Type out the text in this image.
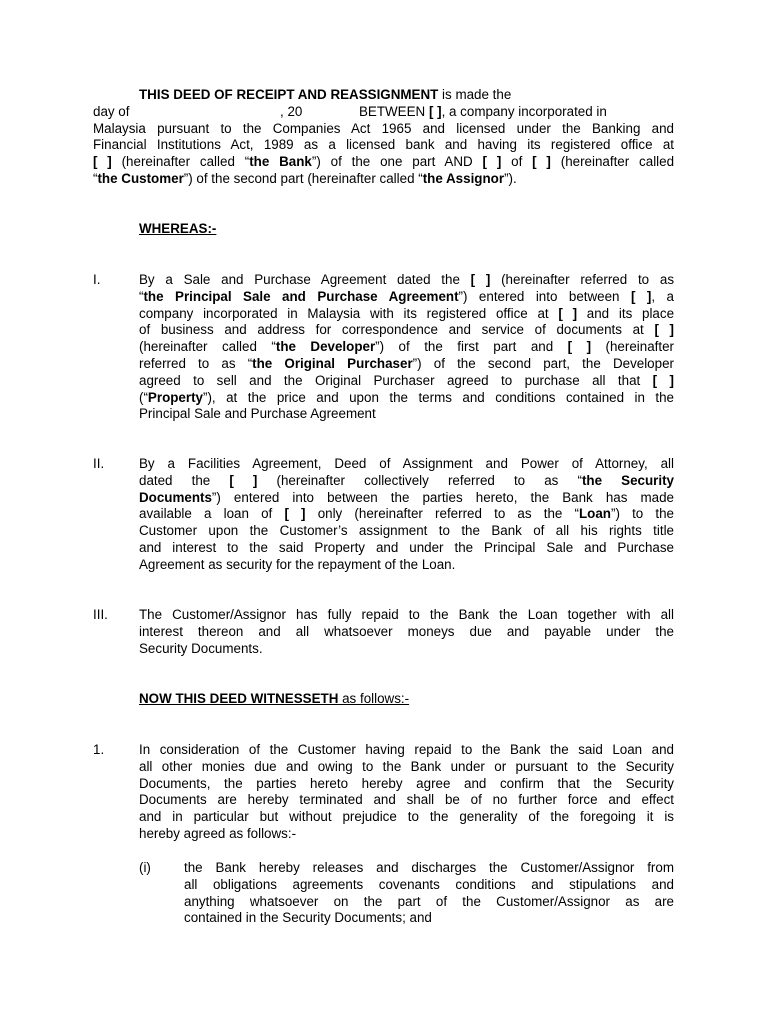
THIS DEED OF RECEIPT AND REASSIGNMENT is made the
day of	, 20	BETWEEN [ ], a company incorporated in
Malaysia pursuant to the Companies Act 1965 and licensed under the Banking and
Financial Institutions Act, 1989 as a licensed bank and having its registered office at
[ ] (hereinafter called “the Bank”) of the one part AND [ ] of [ ] (hereinafter called
“the Customer”) of the second part (hereinafter called “the Assignor”).
WHEREAS:-
I.	By a Sale and Purchase Agreement dated the [ ] (hereinafter referred to as
“the Principal Sale and Purchase Agreement”) entered into between [ ], a
company incorporated in Malaysia with its registered office at [ ] and its place
of business and address for correspondence and service of documents at [ ]
(hereinafter called “the Developer”) of the first part and [ ] (hereinafter
referred to as “the Original Purchaser”) of the second part, the Developer
agreed to sell and the Original Purchaser agreed to purchase all that [ ]
(“Property”), at the price and upon the terms and conditions contained in the
Principal Sale and Purchase Agreement
II.	By a Facilities Agreement, Deed of Assignment and Power of Attorney, all
dated the [ ] (hereinafter collectively referred to as “the Security
Documents”) entered into between the parties hereto, the Bank has made
available a loan of [ ] only (hereinafter referred to as the “Loan”) to the
Customer upon the Customer’s assignment to the Bank of all his rights title
and interest to the said Property and under the Principal Sale and Purchase
Agreement as security for the repayment of the Loan.
III. The Customer/Assignor has fully repaid to the Bank the Loan together with all
interest thereon and all whatsoever moneys due and payable under the
Security Documents.
NOW THIS DEED WITNESSETH as follows:-
1.	In consideration of the Customer having repaid to the Bank the said Loan and
all other monies due and owing to the Bank under or pursuant to the Security
Documents, the parties hereto hereby agree and confirm that the Security
Documents are hereby terminated and shall be of no further force and effect
and in particular but without prejudice to the generality of the foregoing it is
hereby agreed as follows:-
(i) the Bank hereby releases and discharges the Customer/Assignor from
all obligations agreements covenants conditions and stipulations and
anything whatsoever on the part of the Customer/Assignor as are
contained in the Security Documents; and
